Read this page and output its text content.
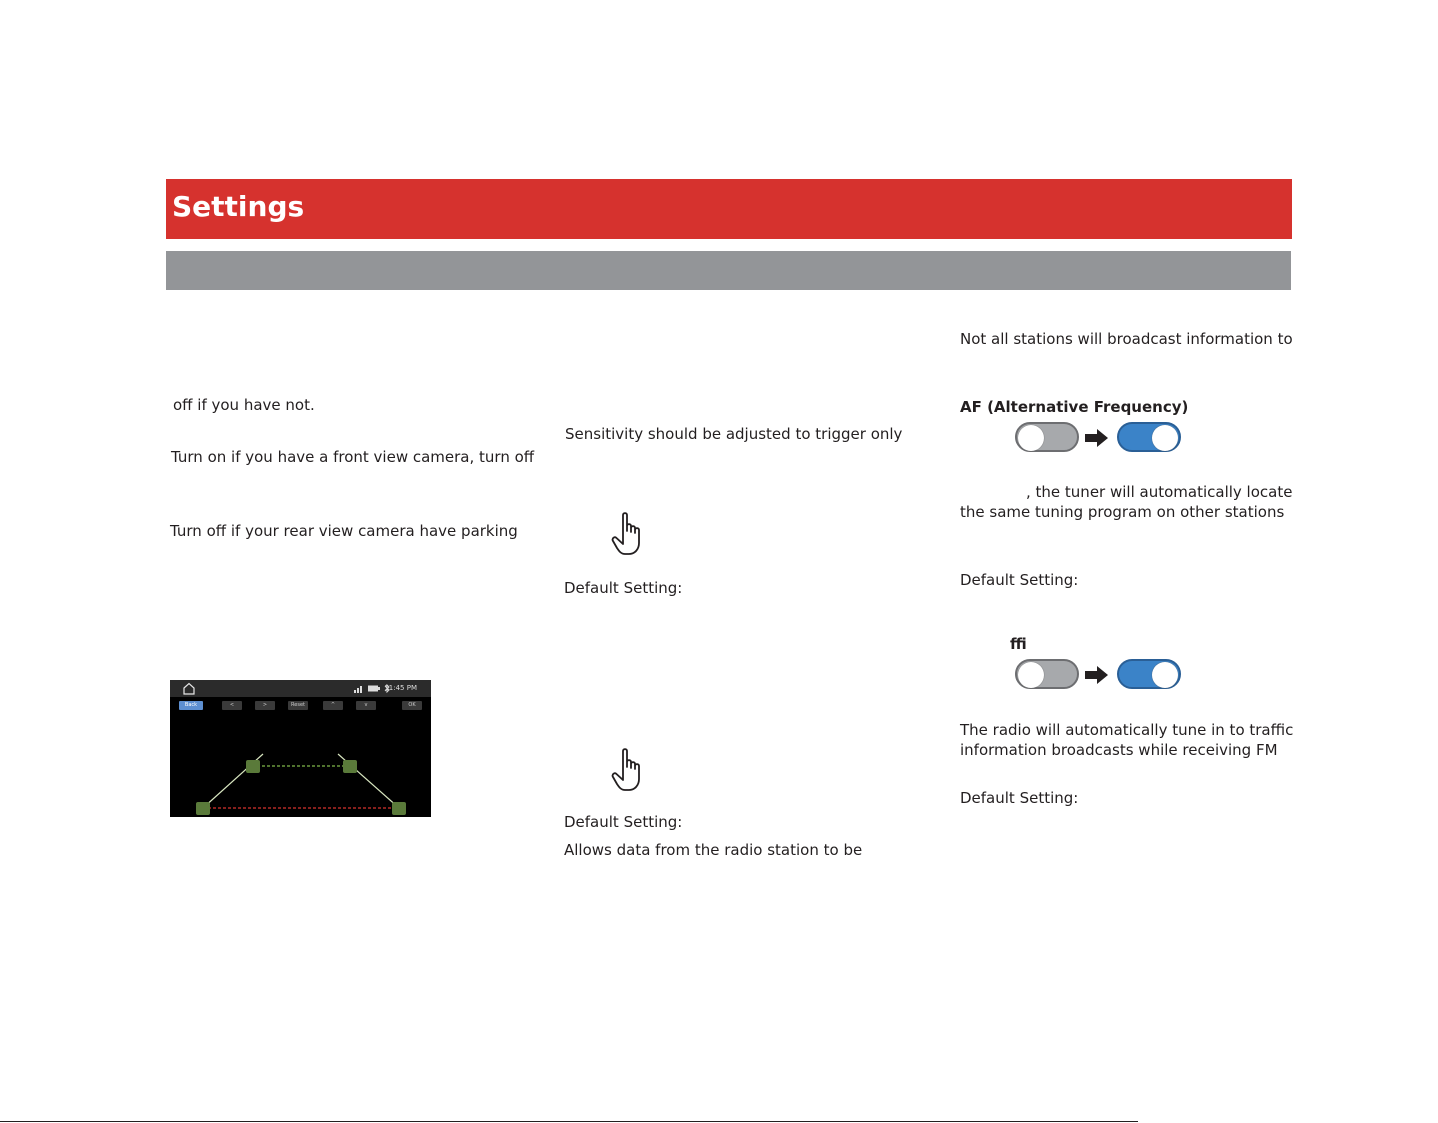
Settings
off if you have not.
Turn on if you have a front view camera, turn off
Turn off if your rear view camera have parking
11:45 PM
Back	<	>	Reset	^	v	OK
Sensitivity should be adjusted to trigger only
Default Setting:
Default Setting:
Allows data from the radio station to be
Not all stations will broadcast information to
AF (Alternative Frequency)
, the tuner will automatically locate
the same tuning program on other stations
Default Setting:
ffi
The radio will automatically tune in to traffic
information broadcasts while receiving FM
Default Setting:
